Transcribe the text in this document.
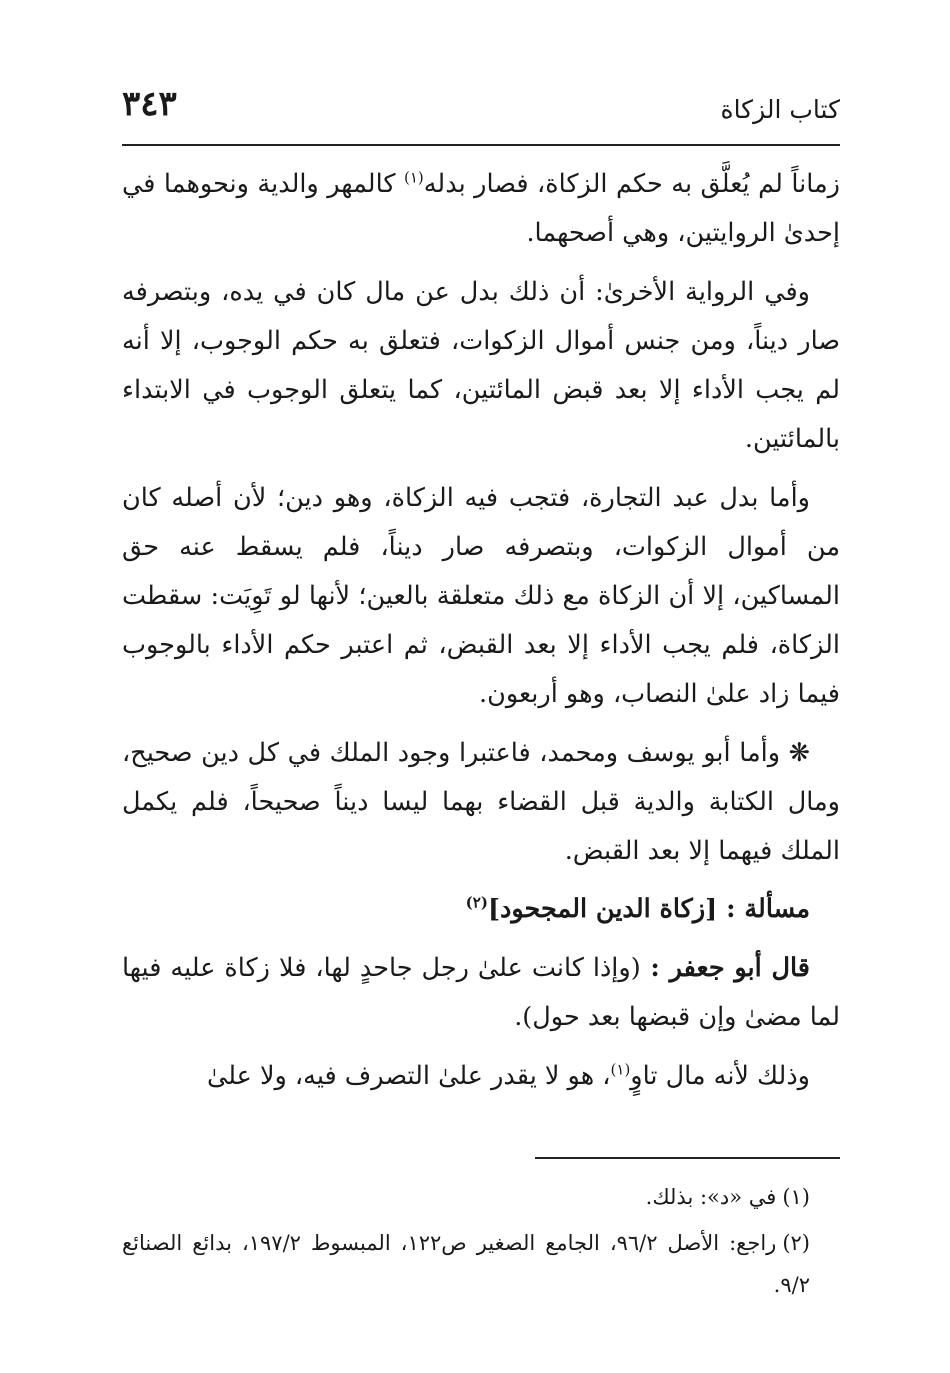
كتاب الزكاة
٣٤٣

زماناً لم يُعلَّق به حكم الزكاة، فصار بدله$^{(١)}$ كالمهر والدية ونحوهما في إحدىٰ الروايتين، وهي أصحهما.

وفي الرواية الأخرىٰ: أن ذلك بدل عن مال كان في يده، وبتصرفه صار ديناً، ومن جنس أموال الزكوات، فتعلق به حكم الوجوب، إلا أنه لم يجب الأداء إلا بعد قبض المائتين، كما يتعلق الوجوب في الابتداء بالمائتين.

وأما بدل عبد التجارة، فتجب فيه الزكاة، وهو دين؛ لأن أصله كان من أموال الزكوات، وبتصرفه صار ديناً، فلم يسقط عنه حق المساكين، إلا أن الزكاة مع ذلك متعلقة بالعين؛ لأنها لو تَوِيَت: سقطت الزكاة، فلم يجب الأداء إلا بعد القبض، ثم اعتبر حكم الأداء بالوجوب فيما زاد علىٰ النصاب، وهو أربعون.

❋ وأما أبو يوسف ومحمد، فاعتبرا وجود الملك في كل دين صحيح، ومال الكتابة والدية قبل القضاء بهما ليسا ديناً صحيحاً، فلم يكمل الملك فيهما إلا بعد القبض.

مسألة : [زكاة الدين المجحود]$^{(٢)}$

قال أبو جعفر : (وإذا كانت علىٰ رجل جاحدٍ لها، فلا زكاة عليه فيها لما مضىٰ وإن قبضها بعد حول).

وذلك لأنه مال تاوٍ$^{(١)}$، هو لا يقدر علىٰ التصرف فيه، ولا علىٰ

(١)في «د»: بذلك.

(٢)راجع: الأصل ٩٦/٢، الجامع الصغير ص١٢٢، المبسوط ١٩٧/٢، بدائع الصنائع ٩/٢.
